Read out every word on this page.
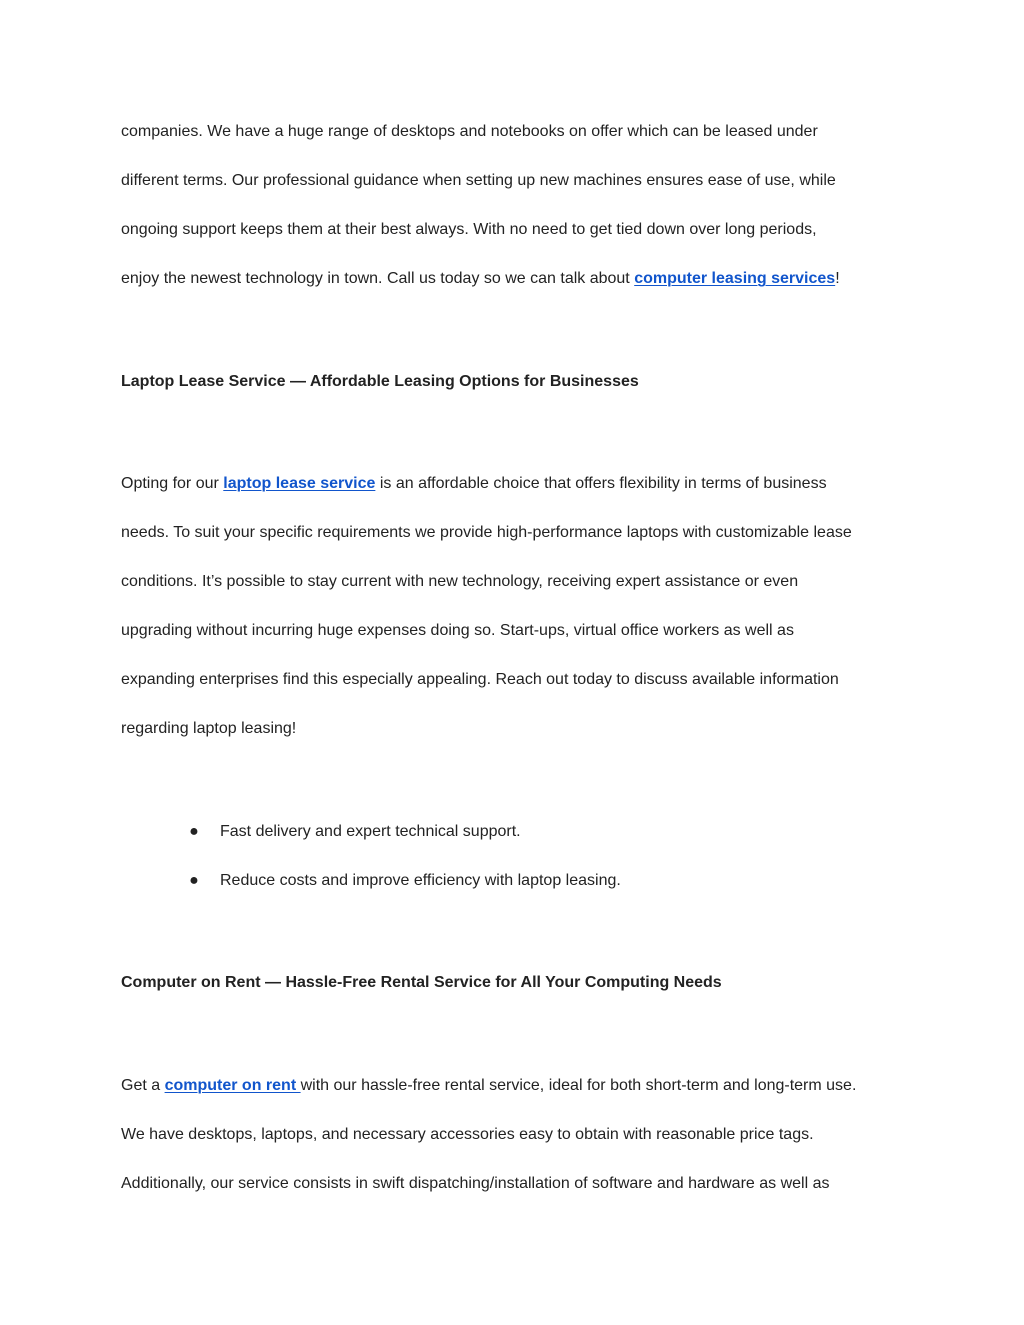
companies. We have a huge range of desktops and notebooks on offer which can be leased under
different terms. Our professional guidance when setting up new machines ensures ease of use, while
ongoing support keeps them at their best always. With no need to get tied down over long periods,
enjoy the newest technology in town. Call us today so we can talk about computer leasing services!
Laptop Lease Service — Affordable Leasing Options for Businesses
Opting for our laptop lease service is an affordable choice that offers flexibility in terms of business
needs. To suit your specific requirements we provide high-performance laptops with customizable lease
conditions. It’s possible to stay current with new technology, receiving expert assistance or even
upgrading without incurring huge expenses doing so. Start-ups, virtual office workers as well as
expanding enterprises find this especially appealing. Reach out today to discuss available information
regarding laptop leasing!
● Fast delivery and expert technical support.
● Reduce costs and improve efficiency with laptop leasing.
Computer on Rent — Hassle-Free Rental Service for All Your Computing Needs
Get a computer on rent with our hassle-free rental service, ideal for both short-term and long-term use.
We have desktops, laptops, and necessary accessories easy to obtain with reasonable price tags.
Additionally, our service consists in swift dispatching/installation of software and hardware as well as
